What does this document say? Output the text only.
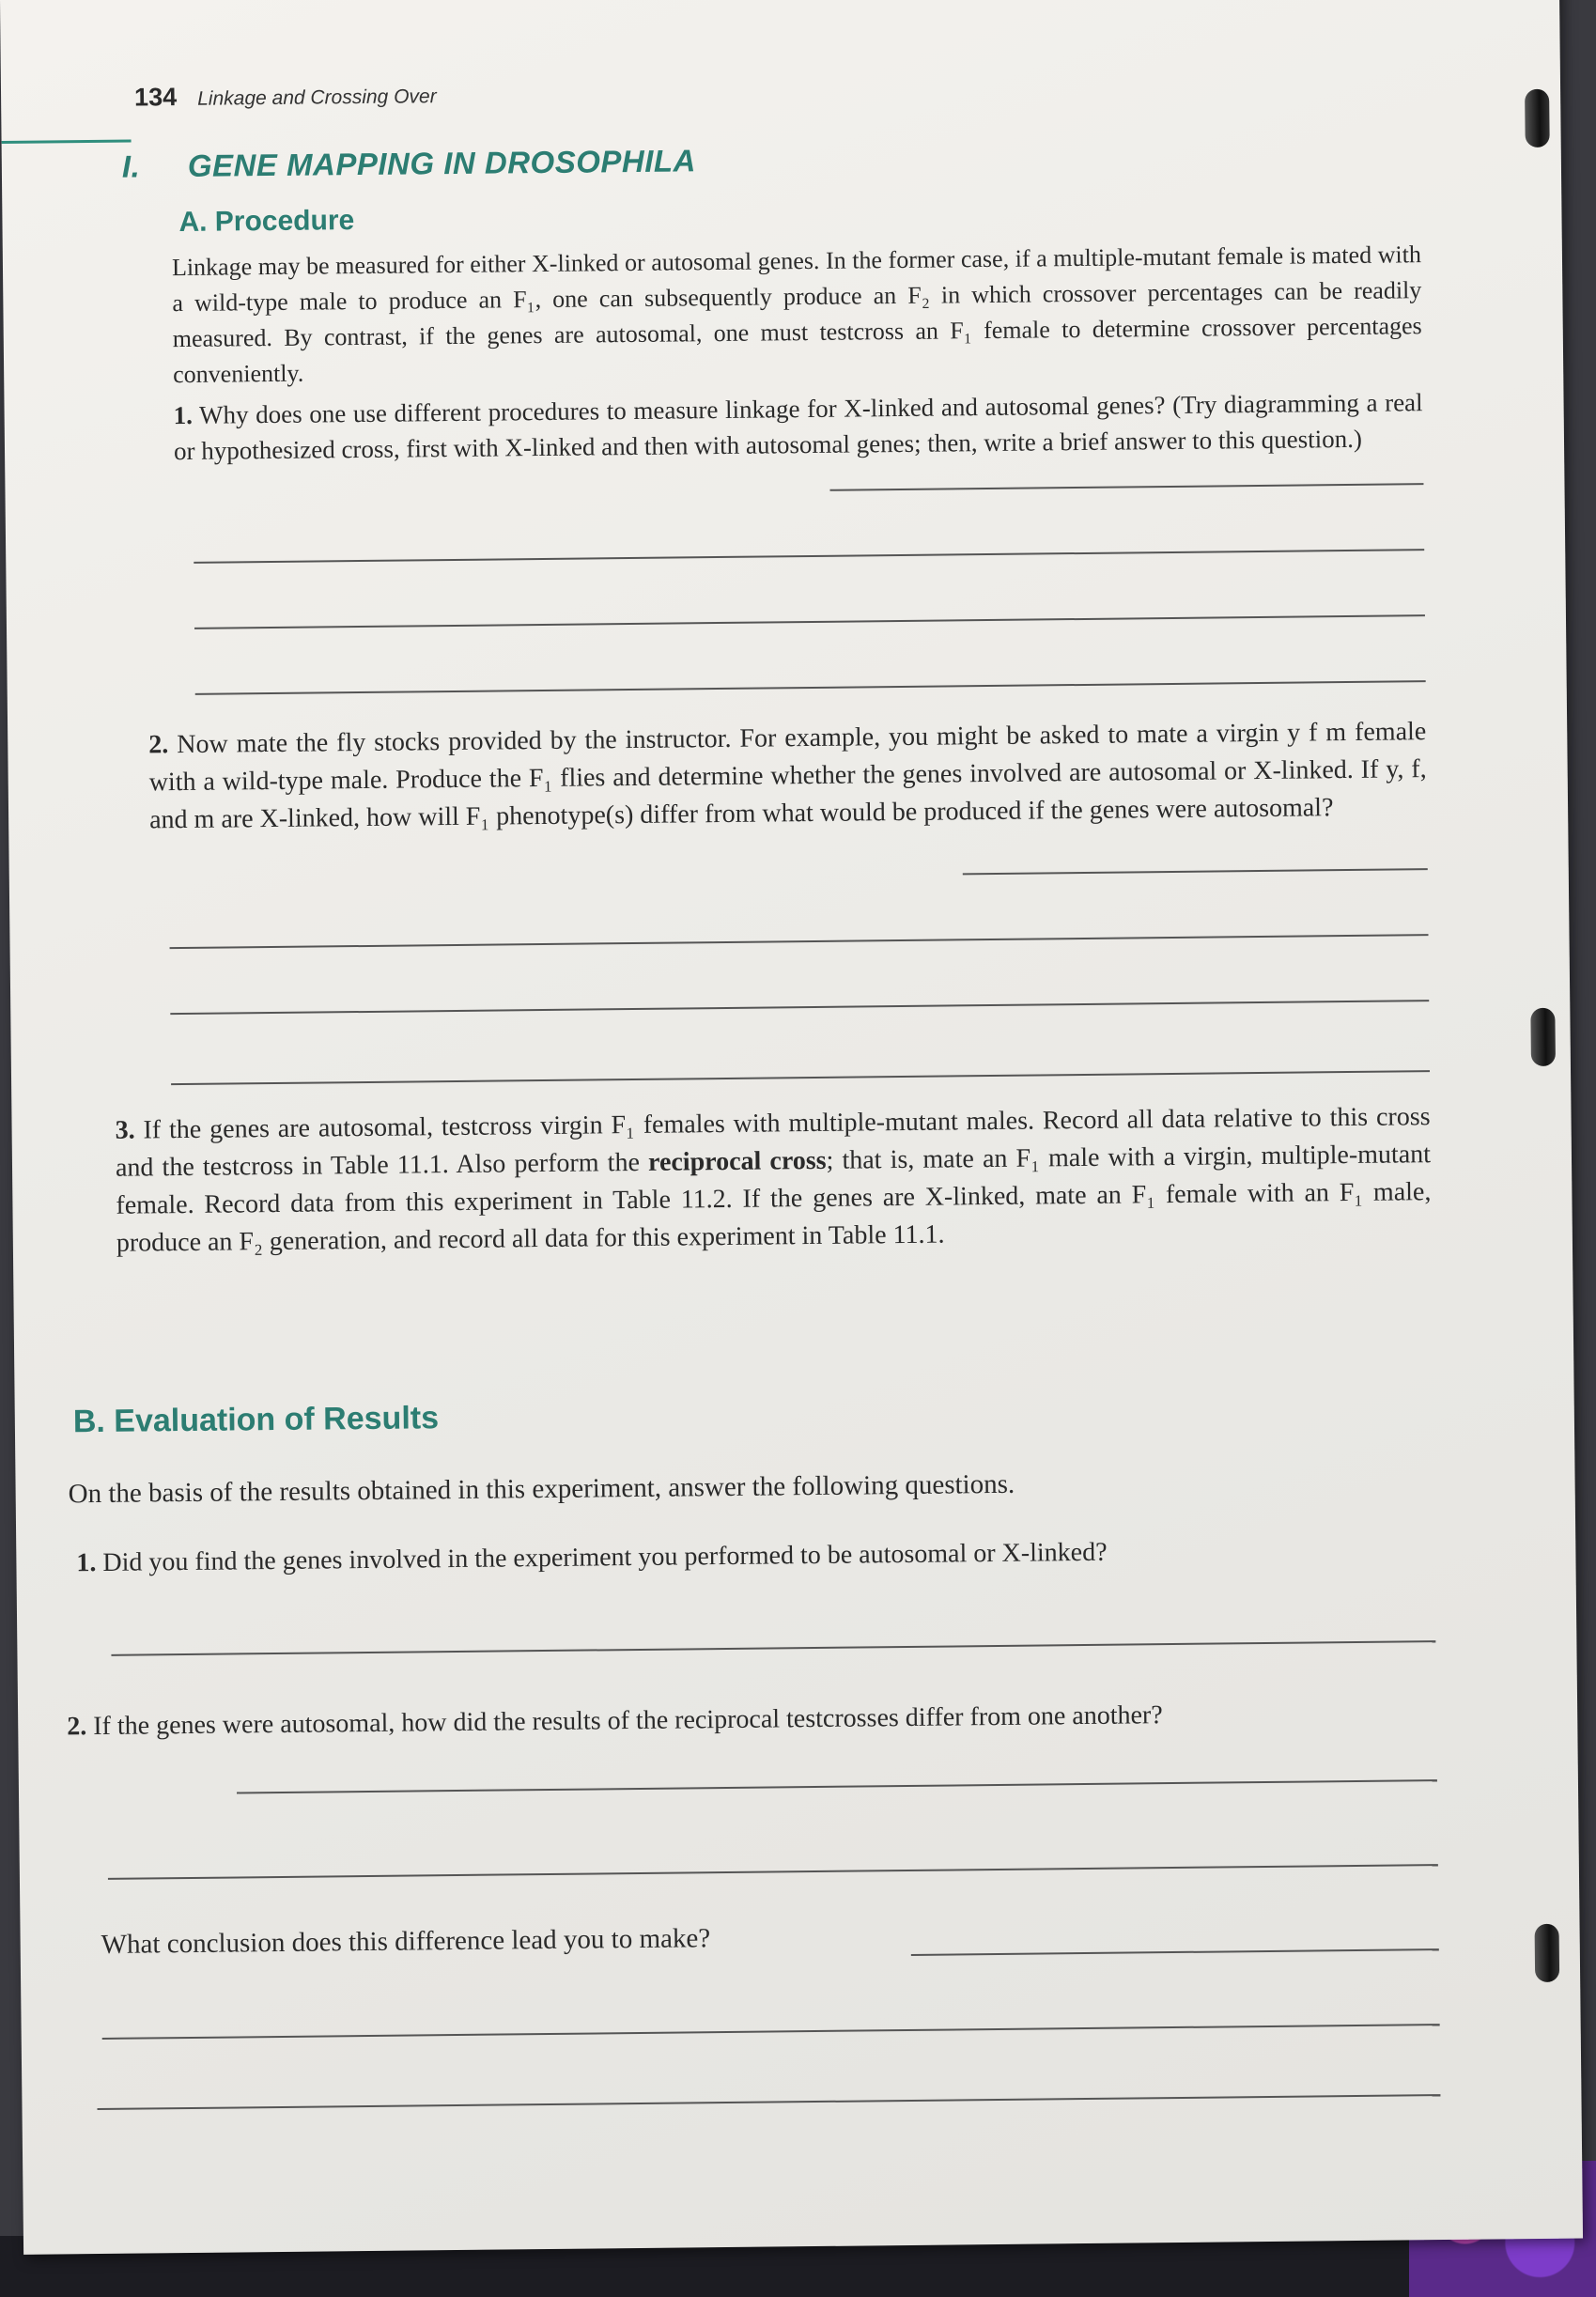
134 Linkage and Crossing Over
I. GENE MAPPING IN DROSOPHILA
A. Procedure
Linkage may be measured for either X-linked or autosomal genes. In the former case, if a multiple-mutant female is mated with a wild-type male to produce an F₁, one can subsequently produce an F₂ in which crossover percentages can be readily measured. By contrast, if the genes are autosomal, one must testcross an F₁ female to determine crossover percentages conveniently.
1. Why does one use different procedures to measure linkage for X-linked and autosomal genes? (Try diagramming a real or hypothesized cross, first with X-linked and then with autosomal genes; then, write a brief answer to this question.)
2. Now mate the fly stocks provided by the instructor. For example, you might be asked to mate a virgin y f m female with a wild-type male. Produce the F₁ flies and determine whether the genes involved are autosomal or X-linked. If y, f, and m are X-linked, how will F₁ phenotype(s) differ from what would be produced if the genes were autosomal?
3. If the genes are autosomal, testcross virgin F₁ females with multiple-mutant males. Record all data relative to this cross and the testcross in Table 11.1. Also perform the reciprocal cross; that is, mate an F₁ male with a virgin, multiple-mutant female. Record data from this experiment in Table 11.2. If the genes are X-linked, mate an F₁ female with an F₁ male, produce an F₂ generation, and record all data for this experiment in Table 11.1.
B. Evaluation of Results
On the basis of the results obtained in this experiment, answer the following questions.
1. Did you find the genes involved in the experiment you performed to be autosomal or X-linked?
2. If the genes were autosomal, how did the results of the reciprocal testcrosses differ from one another?
What conclusion does this difference lead you to make?
